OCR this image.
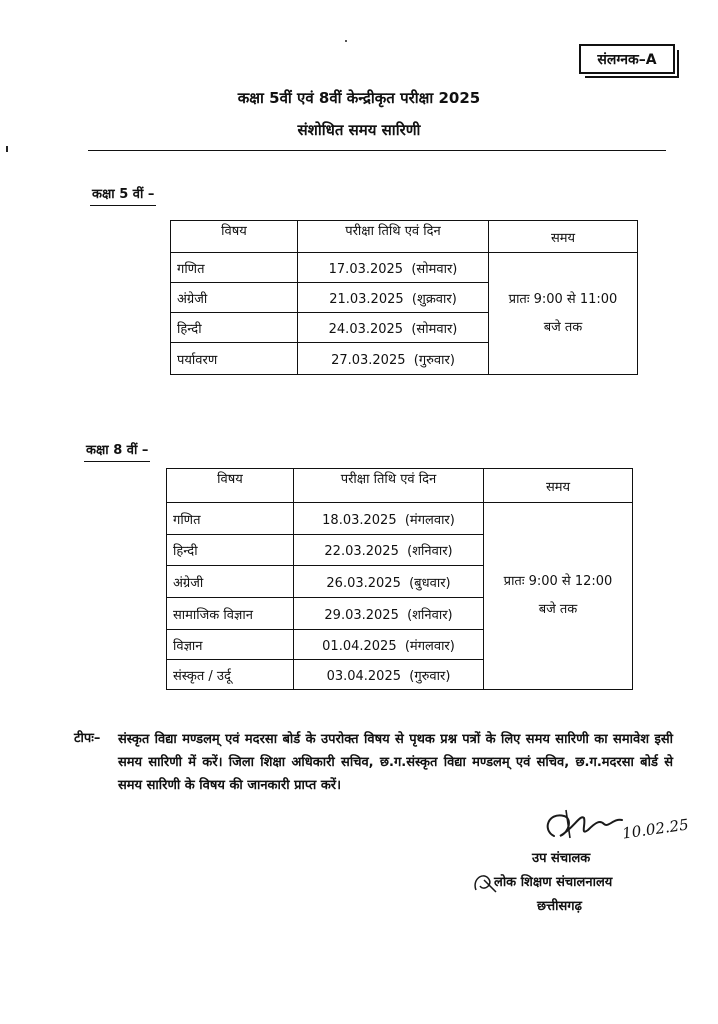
संलग्नक–A
कक्षा 5वीं एवं 8वीं केन्द्रीकृत परीक्षा 2025
संशोधित समय सारिणी
कक्षा 5 वीं –
विषय	परीक्षा तिथि एवं दिन	समय
गणित	17.03.2025 (सोमवार)	प्रातः 9:00 से 11:00
बजे तक

अंग्रेजी	21.03.2025 (शुक्रवार)	
हिन्दी	24.03.2025 (सोमवार)	
पर्यावरण	27.03.2025 (गुरुवार)	
कक्षा 8 वीं –
विषय	परीक्षा तिथि एवं दिन	समय
गणित	18.03.2025 (मंगलवार)	प्रातः 9:00 से 12:00
बजे तक

हिन्दी	22.03.2025 (शनिवार)	
अंग्रेजी	26.03.2025 (बुधवार)	
सामाजिक विज्ञान	29.03.2025 (शनिवार)	
विज्ञान	01.04.2025 (मंगलवार)	
संस्कृत / उर्दू	03.04.2025 (गुरुवार)	
टीपः– संस्कृत विद्या मण्डलम् एवं मदरसा बोर्ड के उपरोक्त विषय से पृथक प्रश्न पत्रों के लिए समय सारिणी का समावेश इसी समय सारिणी में करें। जिला शिक्षा अधिकारी सचिव, छ.ग.संस्कृत विद्या मण्डलम् एवं सचिव, छ.ग.मदरसा बोर्ड से समय सारिणी के विषय की जानकारी प्राप्त करें।
10.02.25
उप संचालक
लोक शिक्षण संचालनालय
छत्तीसगढ़
